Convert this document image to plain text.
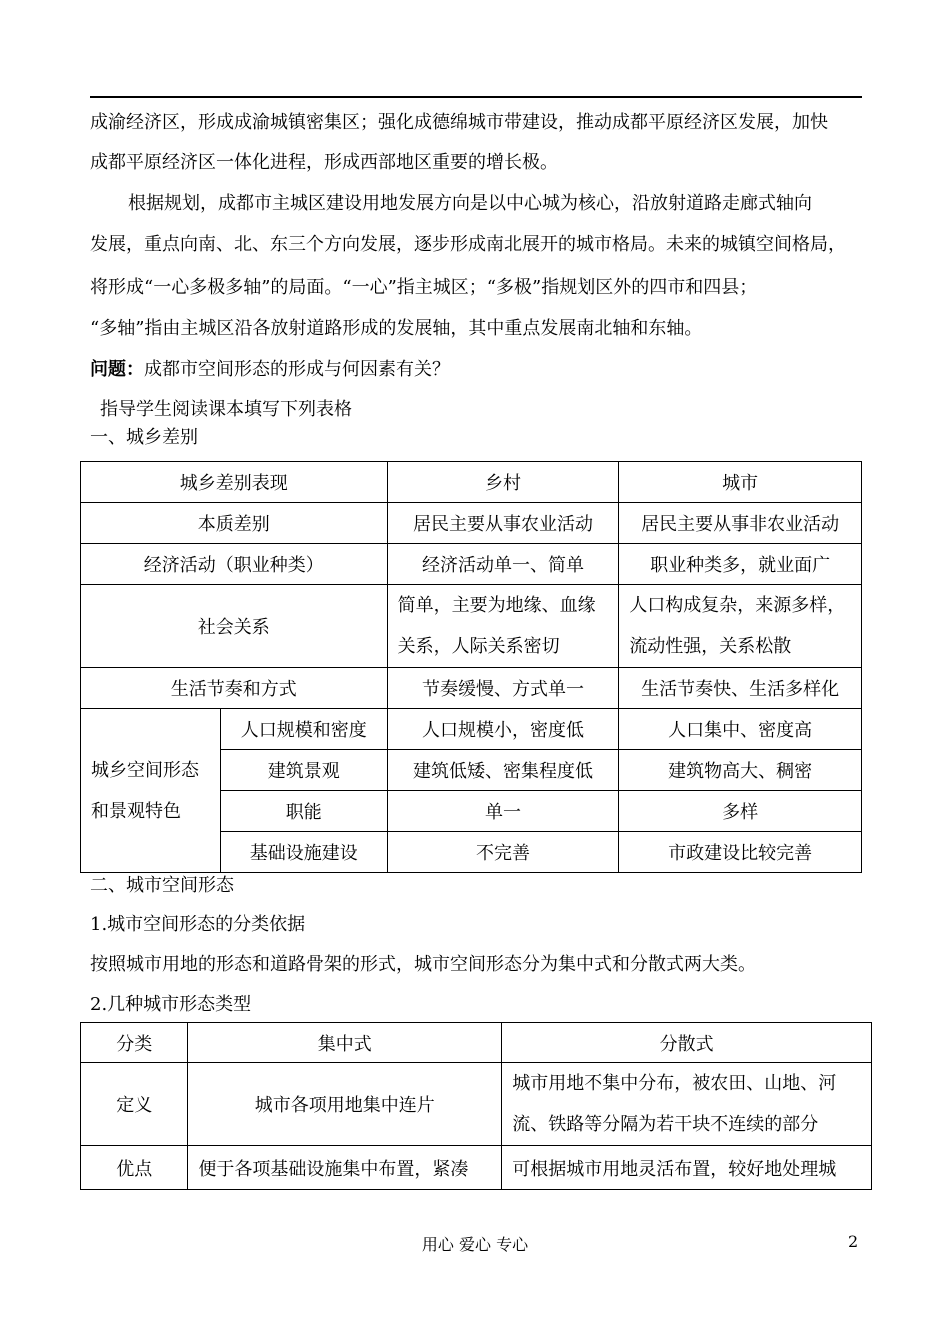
成渝经济区，形成成渝城镇密集区；强化成德绵城市带建设，推动成都平原经济区发展，加快
成都平原经济区一体化进程，形成西部地区重要的增长极。
根据规划，成都市主城区建设用地发展方向是以中心城为核心，沿放射道路走廊式轴向
发展，重点向南、北、东三个方向发展，逐步形成南北展开的城市格局。未来的城镇空间格局，
将形成“一心多极多轴”的局面。“一心”指主城区；“多极”指规划区外的四市和四县；
“多轴”指由主城区沿各放射道路形成的发展轴，其中重点发展南北轴和东轴。
问题：成都市空间形态的形成与何因素有关？
指导学生阅读课本填写下列表格
一、城乡差别
城乡差别表现		乡村	城市
本质差别		居民主要从事农业活动	居民主要从事非农业活动
经济活动（职业种类）		经济活动单一、简单	职业种类多，就业面广
社会关系		简单，主要为地缘、血缘关系，人际关系密切	人口构成复杂，来源多样，流动性强，关系松散
生活节奏和方式		节奏缓慢、方式单一	生活节奏快、生活多样化
城乡空间形态和景观特色	人口规模和密度	人口规模小，密度低	人口集中、密度高
	建筑景观	建筑低矮、密集程度低	建筑物高大、稠密
	职能	单一	多样
	基础设施建设	不完善	市政建设比较完善
二、城市空间形态
1.城市空间形态的分类依据
按照城市用地的形态和道路骨架的形式，城市空间形态分为集中式和分散式两大类。
2.几种城市形态类型
分类	集中式	分散式
定义	城市各项用地集中连片	城市用地不集中分布，被农田、山地、河流、铁路等分隔为若干块不连续的部分
优点	便于各项基础设施集中布置，紧凑	可根据城市用地灵活布置，较好地处理城
用心 爱心 专心	2
